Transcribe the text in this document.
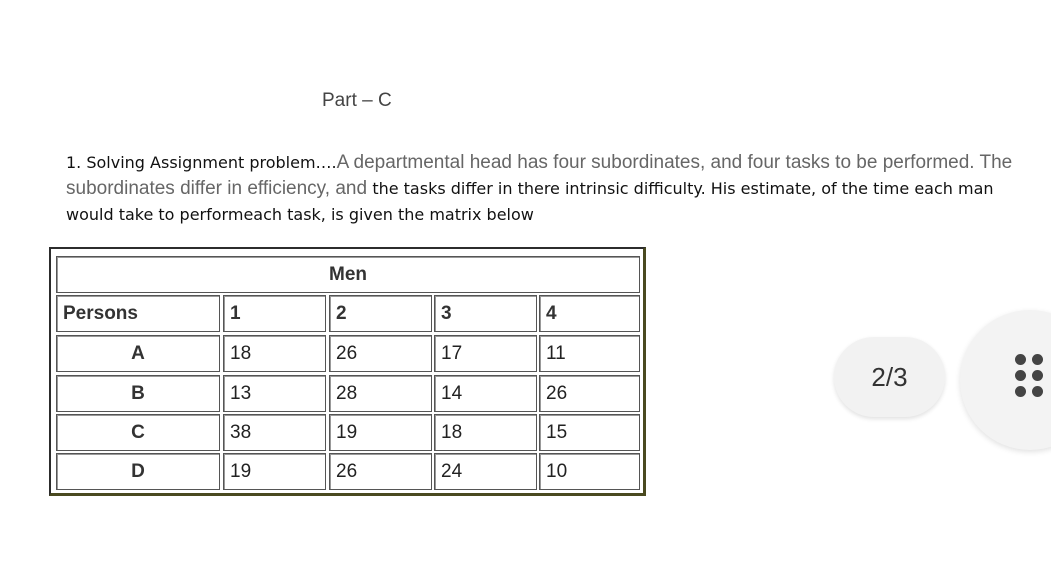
Part – C
1. Solving Assignment problem….A departmental head has four subordinates, and four tasks to be performed. The subordinates differ in efficiency, and the tasks differ in there intrinsic difficulty. His estimate, of the time each man would take to performeach task, is given the matrix below
Men
Persons	1	2	3	4
A	18	26	17	11
B	13	28	14	26
C	38	19	18	15
D	19	26	24	10
2/3
